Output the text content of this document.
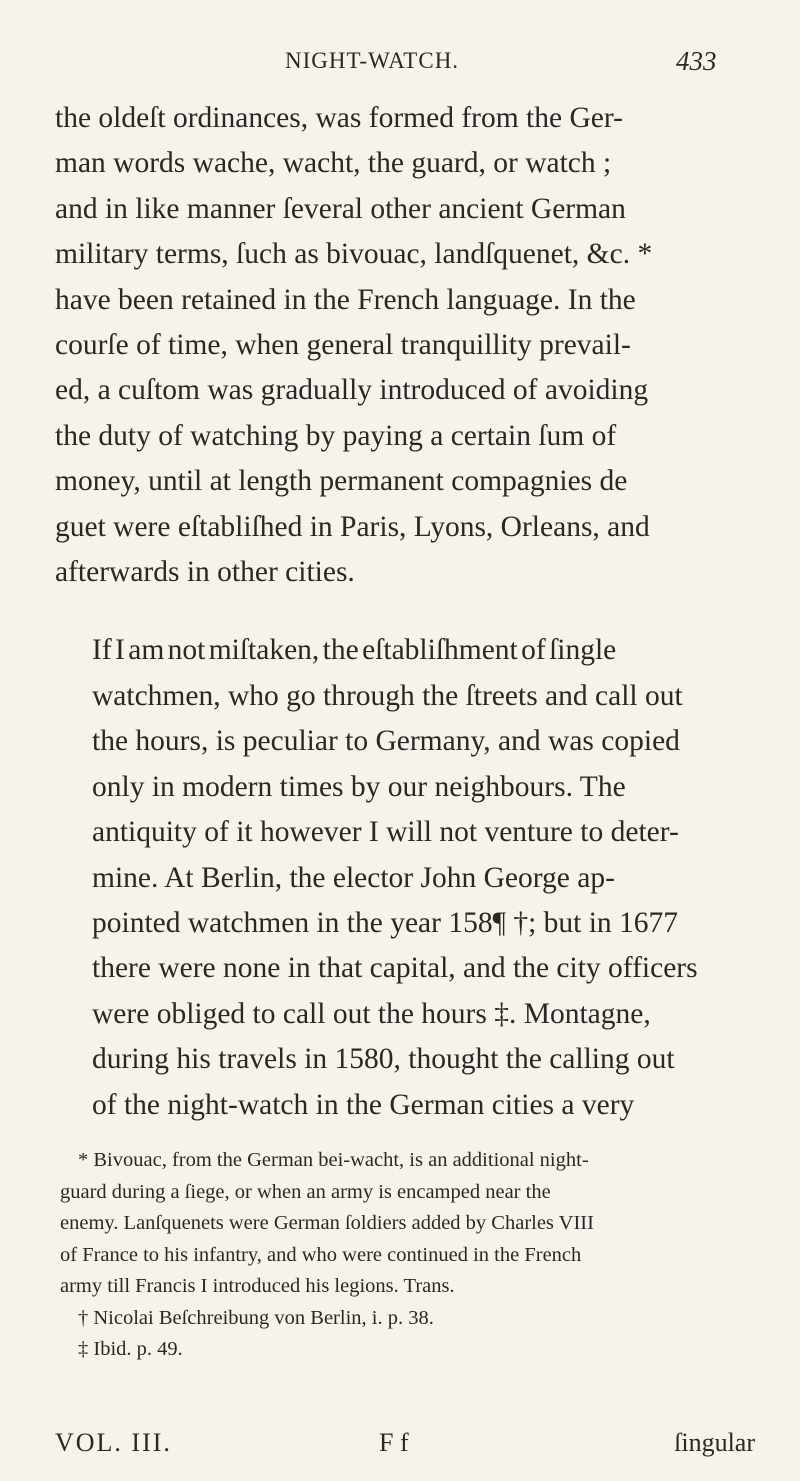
NIGHT-WATCH.	433

the oldeſt ordinances, was formed from the Ger-
man words wache, wacht, the guard, or watch ;
and in like manner ſeveral other ancient German
military terms, ſuch as bivouac, landſquenet, &c. *
have been retained in the French language. In the
courſe of time, when general tranquillity prevail-
ed, a cuſtom was gradually introduced of avoiding
the duty of watching by paying a certain ſum of
money, until at length permanent compagnies de
guet were eſtabliſhed in Paris, Lyons, Orleans, and
afterwards in other cities.

If I am not miſtaken, the eſtabliſhment of ſingle
watchmen, who go through the ſtreets and call out
the hours, is peculiar to Germany, and was copied
only in modern times by our neighbours. The
antiquity of it however I will not venture to deter-
mine. At Berlin, the elector John George ap-
pointed watchmen in the year 158¶ †; but in 1677
there were none in that capital, and the city officers
were obliged to call out the hours ‡. Montagne,
during his travels in 1580, thought the calling out
of the night-watch in the German cities a very

* Bivouac, from the German bei-wacht, is an additional night-
guard during a ſiege, or when an army is encamped near the
enemy. Lanſquenets were German ſoldiers added by Charles VIII
of France to his infantry, and who were continued in the French
army till Francis I introduced his legions. Trans.
† Nicolai Beſchreibung von Berlin, i. p. 38.
‡ Ibid. p. 49.
VOL. III.	F f	ſingular
